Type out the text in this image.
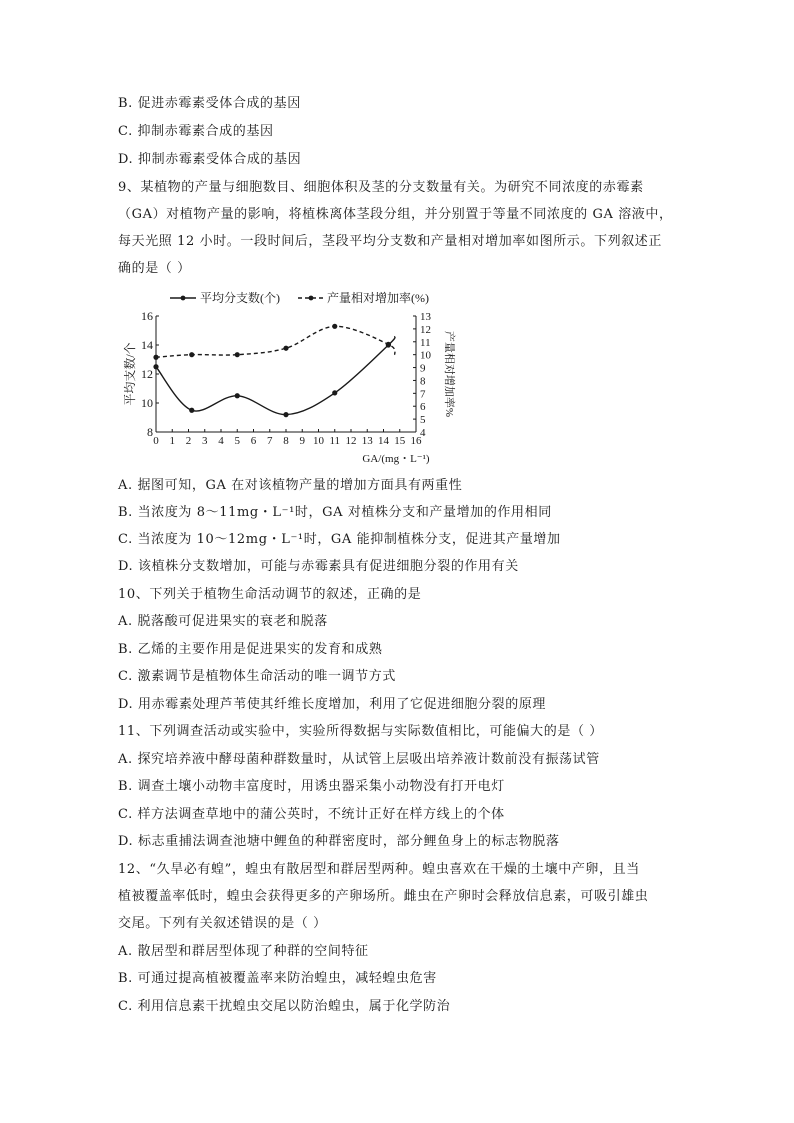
B. 促进赤霉素受体合成的基因
C. 抑制赤霉素合成的基因
D. 抑制赤霉素受体合成的基因
9、某植物的产量与细胞数目、细胞体积及茎的分支数量有关。为研究不同浓度的赤霉素
（GA）对植物产量的影响，将植株离体茎段分组，并分别置于等量不同浓度的 GA 溶液中，
每天光照 12 小时。一段时间后，茎段平均分支数和产量相对增加率如图所示。下列叙述正
确的是（ ）
0 1 2 3 4 5 6 7 8 9 10 11 12 13 14 15 16
8
10
12
14
16
4
5
6
7
8
9
10
11
12
13
平均支数/个	产量相对增加率%
GA/(mg・L⁻¹)
平均分支数(个)	产量相对增加率(%)
A. 据图可知，GA 在对该植物产量的增加方面具有两重性
B. 当浓度为 8～11mg・L⁻¹时，GA 对植株分支和产量增加的作用相同
C. 当浓度为 10～12mg・L⁻¹时，GA 能抑制植株分支，促进其产量增加
D. 该植株分支数增加，可能与赤霉素具有促进细胞分裂的作用有关
10、下列关于植物生命活动调节的叙述，正确的是
A. 脱落酸可促进果实的衰老和脱落
B. 乙烯的主要作用是促进果实的发育和成熟
C. 激素调节是植物体生命活动的唯一调节方式
D. 用赤霉素处理芦苇使其纤维长度增加，利用了它促进细胞分裂的原理
11、下列调查活动或实验中，实验所得数据与实际数值相比，可能偏大的是（ ）
A. 探究培养液中酵母菌种群数量时，从试管上层吸出培养液计数前没有振荡试管
B. 调查土壤小动物丰富度时，用诱虫器采集小动物没有打开电灯
C. 样方法调查草地中的蒲公英时，不统计正好在样方线上的个体
D. 标志重捕法调查池塘中鲤鱼的种群密度时，部分鲤鱼身上的标志物脱落
12、“久旱必有蝗”，蝗虫有散居型和群居型两种。蝗虫喜欢在干燥的土壤中产卵，且当
植被覆盖率低时，蝗虫会获得更多的产卵场所。雌虫在产卵时会释放信息素，可吸引雄虫
交尾。下列有关叙述错误的是（ ）
A. 散居型和群居型体现了种群的空间特征
B. 可通过提高植被覆盖率来防治蝗虫，减轻蝗虫危害
C. 利用信息素干扰蝗虫交尾以防治蝗虫，属于化学防治
